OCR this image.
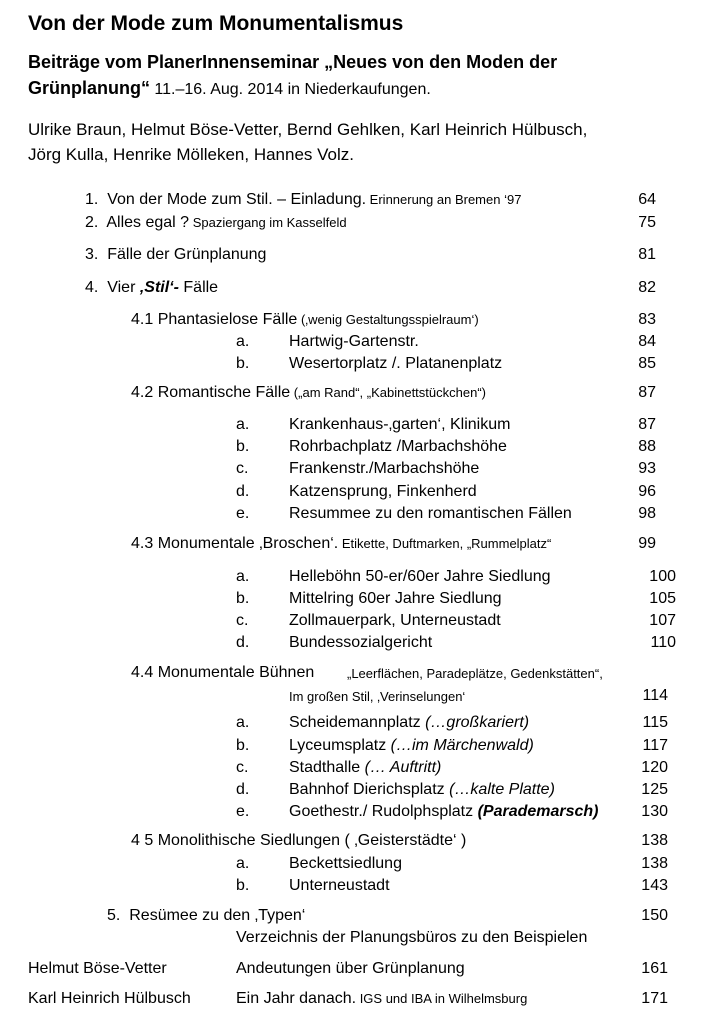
Von der Mode zum Monumentalismus
Beiträge vom PlanerInnenseminar „Neues von den Moden der
Grünplanung“ 11.–16. Aug. 2014 in Niederkaufungen.
Ulrike Braun, Helmut Böse-Vetter, Bernd Gehlken, Karl Heinrich Hülbusch,
Jörg Kulla, Henrike Mölleken, Hannes Volz.
1. Von der Mode zum Stil. – Einladung. Erinnerung an Bremen ‘97	64
2. Alles egal ? Spaziergang im Kasselfeld	75
3. Fälle der Grünplanung	81
4. Vier ‚Stil‘- Fälle	82
4.1 Phantasielose Fälle (‚wenig Gestaltungsspielraum‘)	83
a. Hartwig-Gartenstr.	84
b. Wesertorplatz /. Platanenplatz	85
4.2 Romantische Fälle („am Rand“, „Kabinettstückchen“)	87
a. Krankenhaus-‚garten‘, Klinikum	87
b. Rohrbachplatz /Marbachshöhe	88
c.	Frankenstr./Marbachshöhe	93
d. Katzensprung, Finkenherd	96
e. Resummee zu den romantischen Fällen	98
4.3 Monumentale ‚Broschen‘. Etikette, Duftmarken, „Rummelplatz“	99
a. Helleböhn 50-er/60er Jahre Siedlung	100
b. Mittelring 60er Jahre Siedlung	105
c.	Zollmauerpark, Unterneustadt	107
d. Bundessozialgericht	110
4.4 Monumentale Bühnen	„Leerflächen, Paradeplätze, Gedenkstätten“,
Im großen Stil, ‚Verinselungen‘	114
a. Scheidemannplatz (…großkariert)	115
b. Lyceumsplatz (…im Märchenwald)	117
c.	Stadthalle (… Auftritt)	120
d. Bahnhof Dierichsplatz (…kalte Platte)	125
e. Goethestr./ Rudolphsplatz (Parademarsch)	130
4 5 Monolithische Siedlungen ( ‚Geisterstädte‘ )	138
a. Beckettsiedlung	138
b. Unterneustadt	143
5. Resümee zu den ‚Typen‘	150
Verzeichnis der Planungsbüros zu den Beispielen
Helmut Böse-Vetter	Andeutungen über Grünplanung	161
Karl Heinrich Hülbusch	Ein Jahr danach. IGS und IBA in Wilhelmsburg	171
